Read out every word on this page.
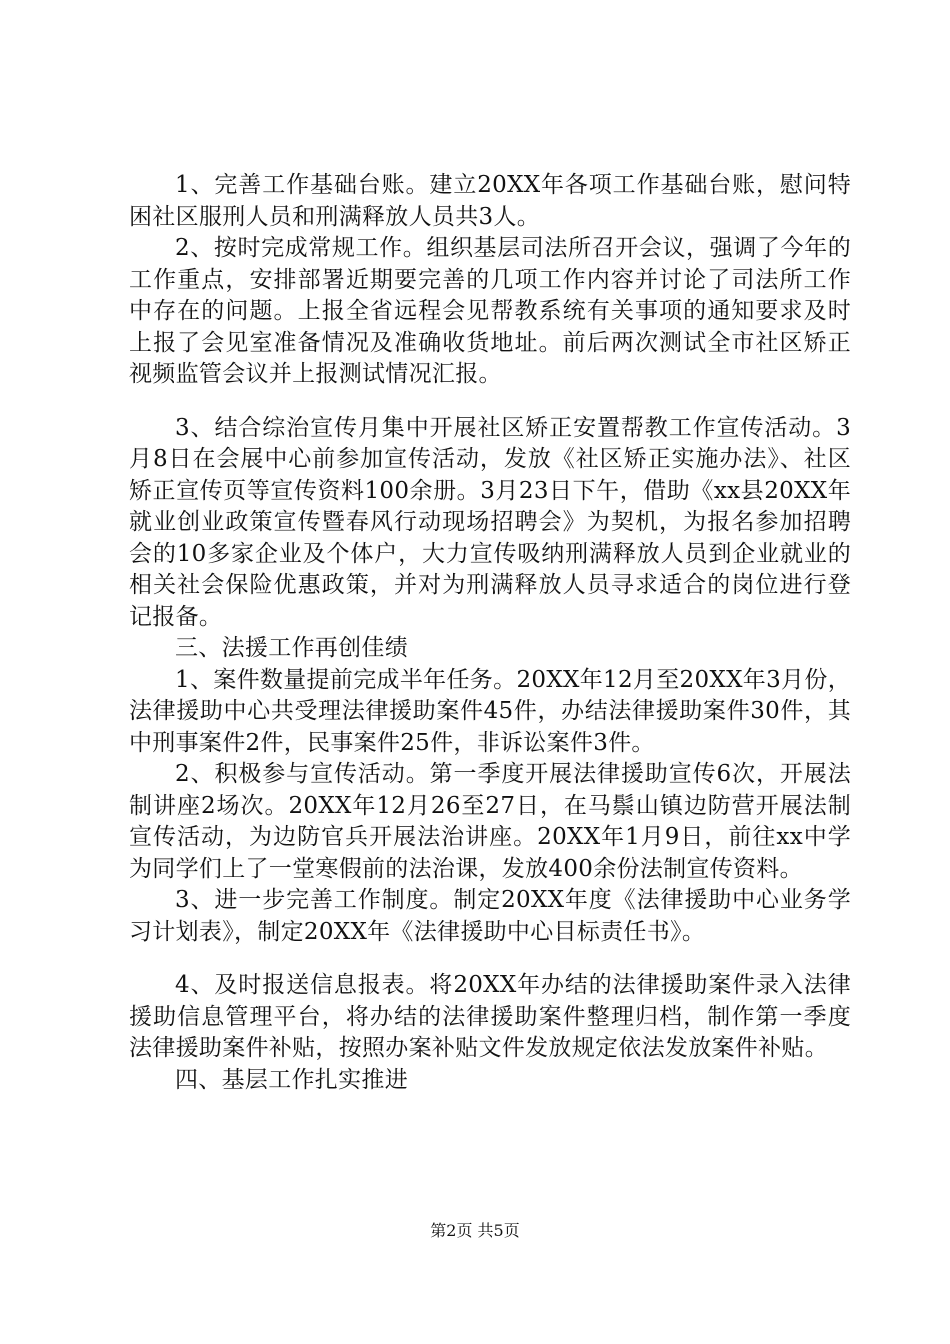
1、完善工作基础台账。建立20XX年各项工作基础台账，慰问特困社区服刑人员和刑满释放人员共3人。

2、按时完成常规工作。组织基层司法所召开会议，强调了今年的工作重点，安排部署近期要完善的几项工作内容并讨论了司法所工作中存在的问题。上报全省远程会见帮教系统有关事项的通知要求及时上报了会见室准备情况及准确收货地址。前后两次测试全市社区矫正视频监管会议并上报测试情况汇报。

3、结合综治宣传月集中开展社区矫正安置帮教工作宣传活动。3月8日在会展中心前参加宣传活动，发放《社区矫正实施办法》、社区矫正宣传页等宣传资料100余册。3月23日下午，借助《xx县20XX年就业创业政策宣传暨春风行动现场招聘会》为契机，为报名参加招聘会的10多家企业及个体户，大力宣传吸纳刑满释放人员到企业就业的相关社会保险优惠政策，并对为刑满释放人员寻求适合的岗位进行登记报备。

三、法援工作再创佳绩

1、案件数量提前完成半年任务。20XX年12月至20XX年3月份，法律援助中心共受理法律援助案件45件，办结法律援助案件30件，其中刑事案件2件，民事案件25件，非诉讼案件3件。

2、积极参与宣传活动。第一季度开展法律援助宣传6次，开展法制讲座2场次。20XX年12月26至27日，在马鬃山镇边防营开展法制宣传活动，为边防官兵开展法治讲座。20XX年1月9日，前往xx中学为同学们上了一堂寒假前的法治课，发放400余份法制宣传资料。

3、进一步完善工作制度。制定20XX年度《法律援助中心业务学习计划表》，制定20XX年《法律援助中心目标责任书》。

4、及时报送信息报表。将20XX年办结的法律援助案件录入法律援助信息管理平台，将办结的法律援助案件整理归档，制作第一季度法律援助案件补贴，按照办案补贴文件发放规定依法发放案件补贴。

四、基层工作扎实推进

第2页 共5页
